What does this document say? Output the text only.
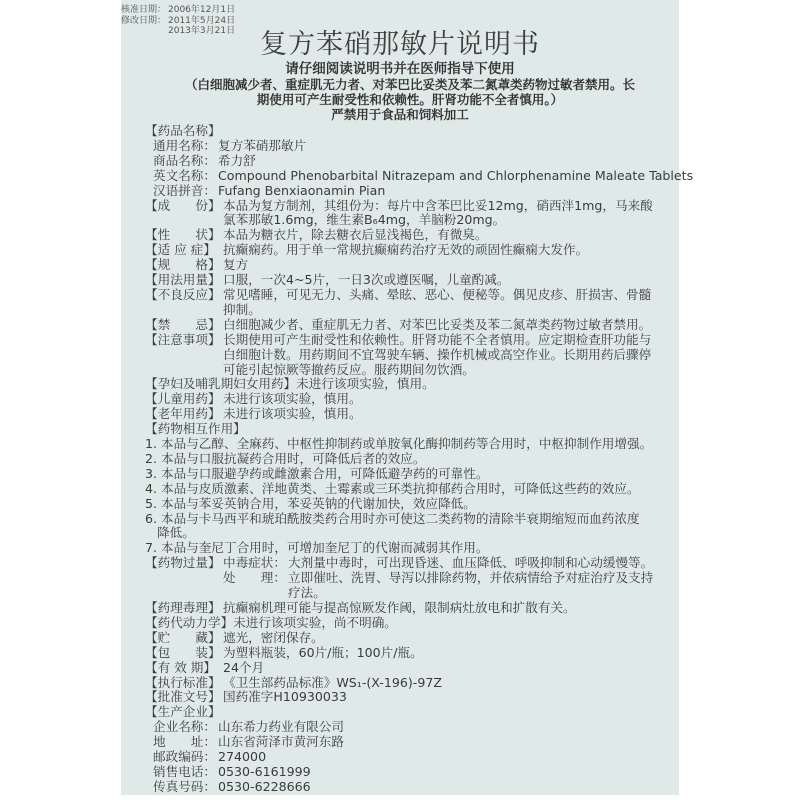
核准日期： 2006年12月1日
修改日期： 2011年5月24日
2013年3月21日 复方苯硝那敏片说明书
请仔细阅读说明书并在医师指导下使用
（白细胞减少者、重症肌无力者、对苯巴比妥类及苯二氮䓬类药物过敏者禁用。长
期使用可产生耐受性和依赖性。肝肾功能不全者慎用。）
严禁用于食品和饲料加工
【药品名称】
通用名称： 复方苯硝那敏片
商品名称： 希力舒
英文名称： Compound Phenobarbital Nitrazepam and Chlorphenamine Maleate Tablets
汉语拼音： Fufang Benxiaonamin Pian
【成　　份】 本品为复方制剂，其组份为：每片中含苯巴比妥12mg，硝西泮1mg，马来酸
氯苯那敏1.6mg，维生素B₆4mg，羊脑粉20mg。
【性　　状】 本品为糖衣片，除去糖衣后显浅褐色，有微臭。
【适 应 症】 抗癫痫药。用于单一常规抗癫痫药治疗无效的顽固性癫痫大发作。
【规　　格】 复方
【用法用量】 口服，一次4~5片，一日3次或遵医嘱，儿童酌减。
【不良反应】 常见嗜睡，可见无力、头痛、晕眩、恶心、便秘等。偶见皮疹、肝损害、骨髓
抑制。
【禁　　忌】 白细胞减少者、重症肌无力者、对苯巴比妥类及苯二氮䓬类药物过敏者禁用。
【注意事项】 长期使用可产生耐受性和依赖性。肝肾功能不全者慎用。应定期检查肝功能与
白细胞计数。用药期间不宜驾驶车辆、操作机械或高空作业。长期用药后骤停
可能引起惊厥等撤药反应。服药期间勿饮酒。
【孕妇及哺乳期妇女用药】 未进行该项实验，慎用。
【儿童用药】 未进行该项实验，慎用。
【老年用药】 未进行该项实验，慎用。
【药物相互作用】
1. 本品与乙醇、全麻药、中枢性抑制药或单胺氧化酶抑制药等合用时，中枢抑制作用增强。
2. 本品与口服抗凝药合用时，可降低后者的效应。
3. 本品与口服避孕药或雌激素合用，可降低避孕药的可靠性。
4. 本品与皮质激素、洋地黄类、土霉素或三环类抗抑郁药合用时，可降低这些药的效应。
5. 本品与苯妥英钠合用，苯妥英钠的代谢加快，效应降低。
6. 本品与卡马西平和琥珀酰胺类药合用时亦可使这二类药物的清除半衰期缩短而血药浓度
降低。
7. 本品与奎尼丁合用时，可增加奎尼丁的代谢而减弱其作用。
【药物过量】 中毒症状： 大剂量中毒时，可出现昏迷、血压降低、呼吸抑制和心动缓慢等。
处　　理： 立即催吐、洗胃、导泻以排除药物，并依病情给予对症治疗及支持
疗法。
【药理毒理】 抗癫痫机理可能与提高惊厥发作阈，限制病灶放电和扩散有关。
【药代动力学】 未进行该项实验，尚不明确。
【贮　　藏】 遮光，密闭保存。
【包　　装】 为塑料瓶装，60片/瓶；100片/瓶。
【有 效 期】 24个月
【执行标准】 《卫生部药品标准》WS₁-(X-196)-97Z
【批准文号】 国药准字H10930033
【生产企业】
企业名称： 山东希力药业有限公司
地　　址： 山东省菏泽市黄河东路
邮政编码： 274000
销售电话： 0530-6161999
传真号码： 0530-6228666
